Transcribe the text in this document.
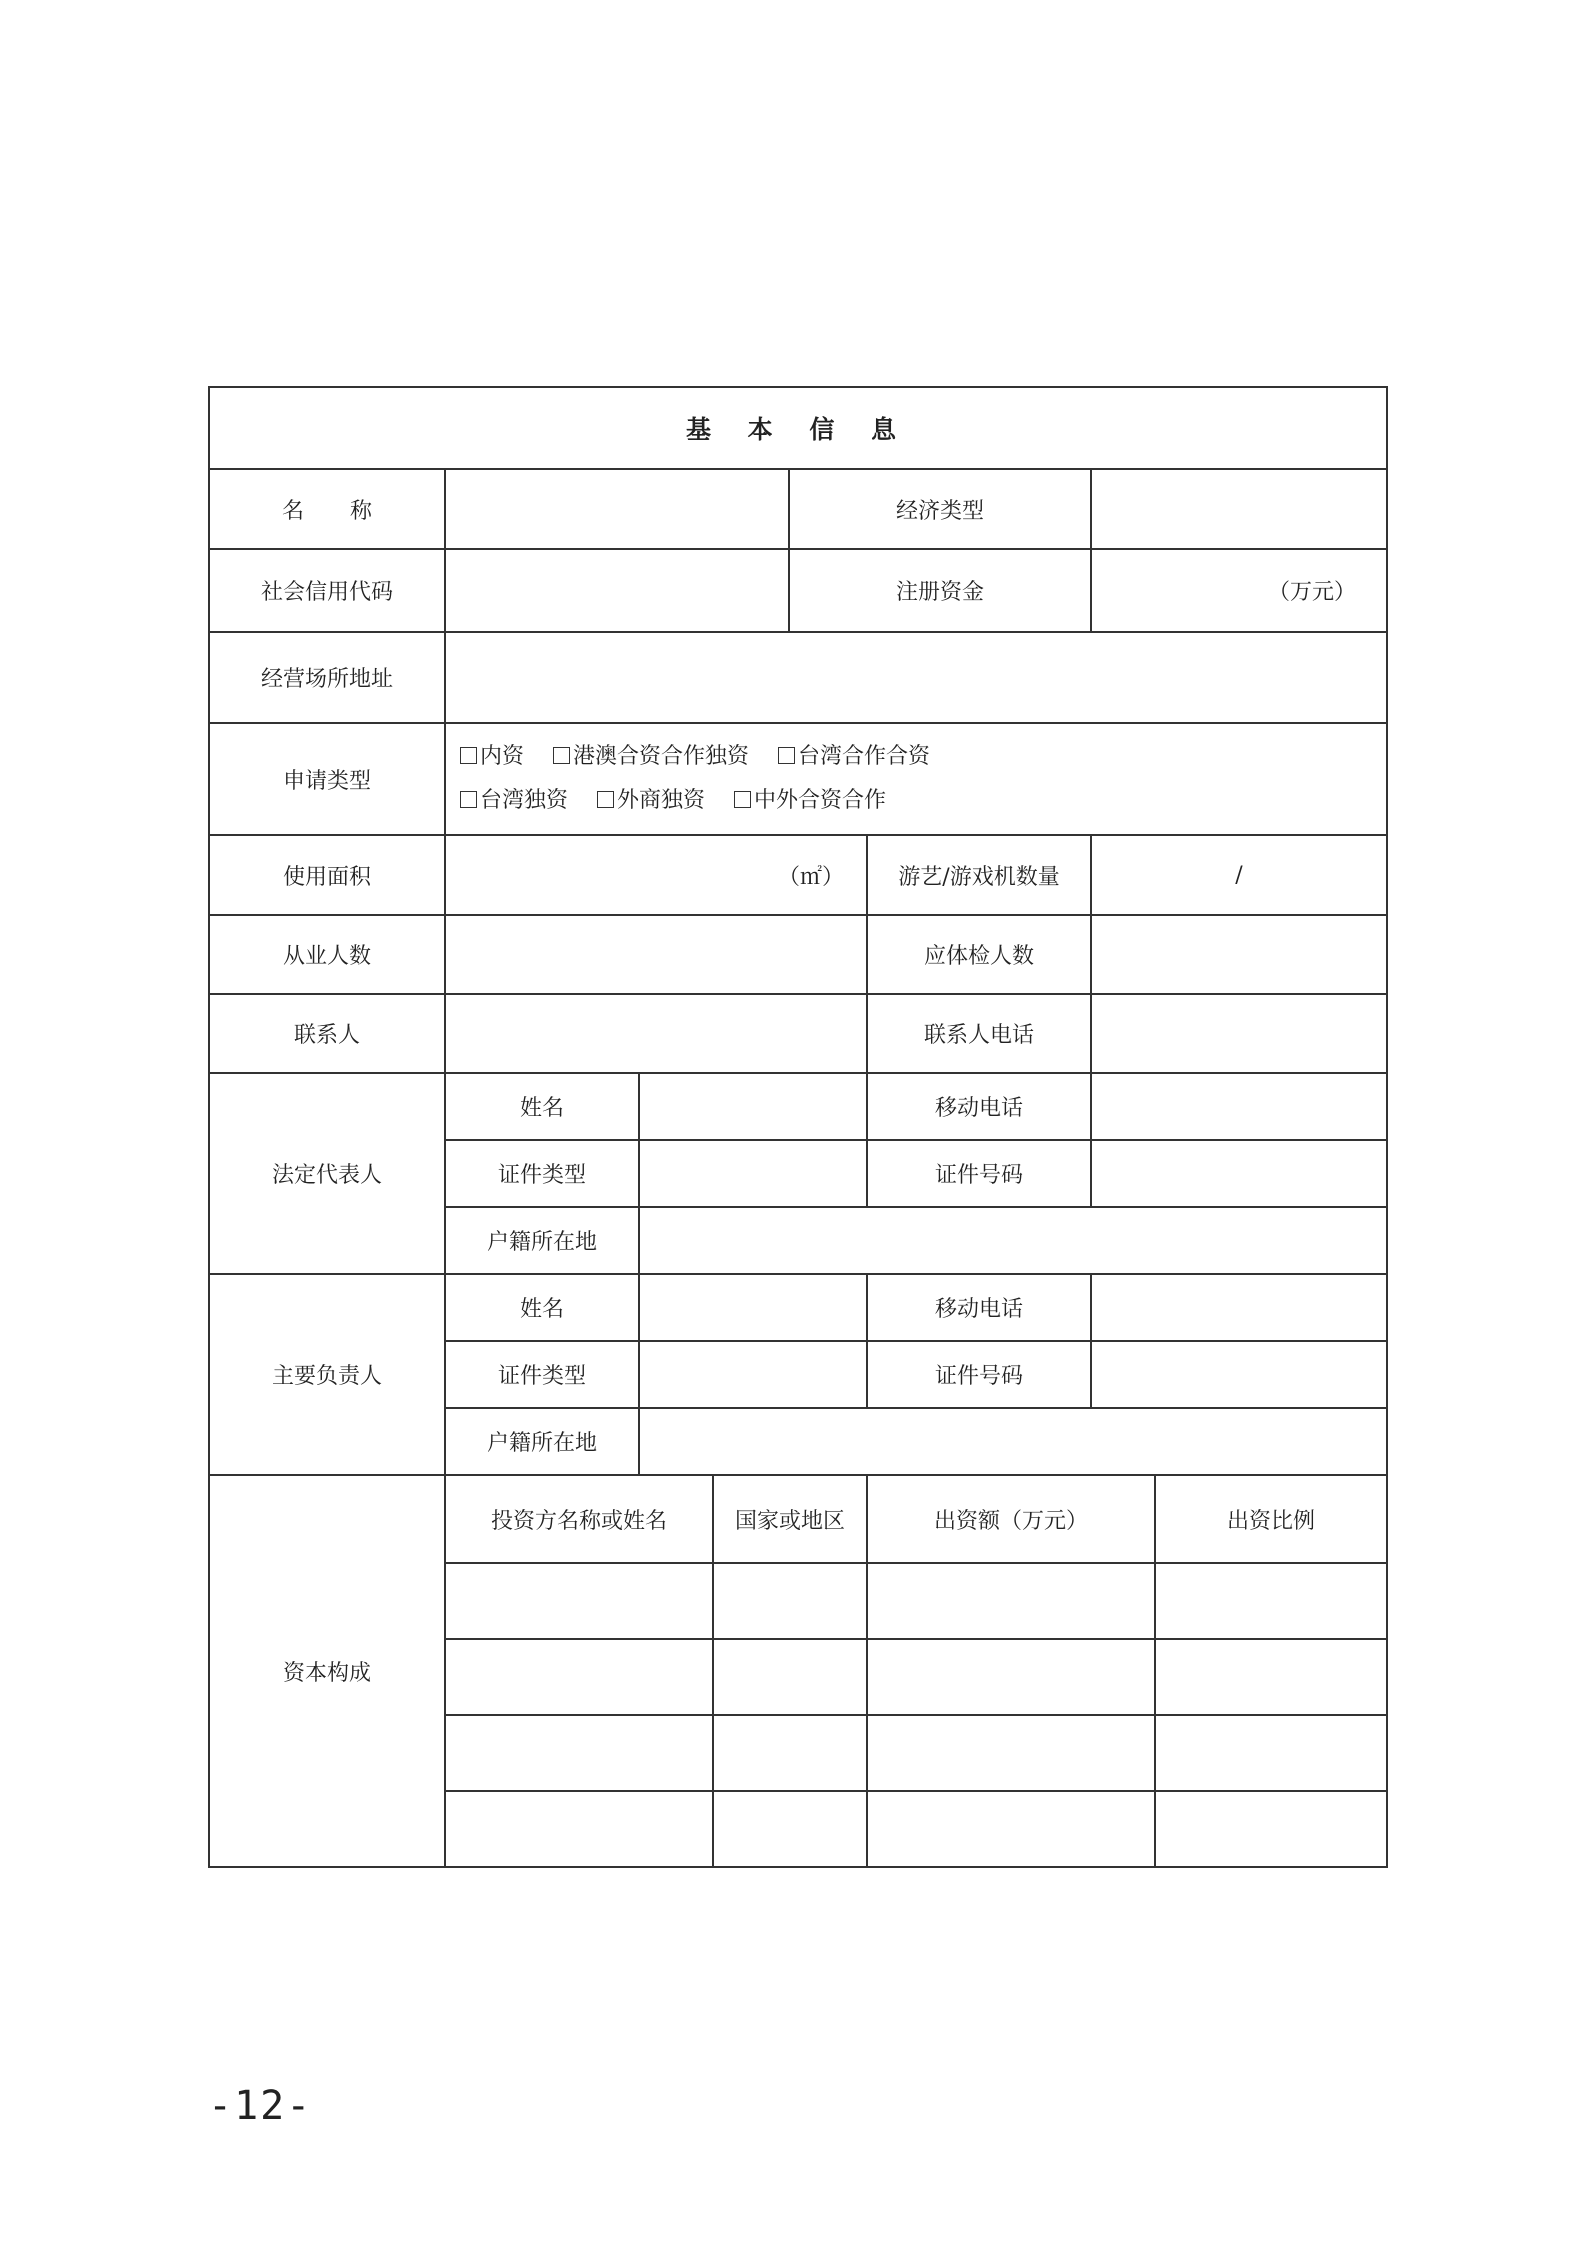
基 本 信 息							
名 称				经济类型			
社会信用代码				注册资金		（万元）	
经营场所地址							
申请类型	内资 港澳合资合作独资 台湾合作合资
台湾独资 外商独资 中外合资合作						

使用面积	（㎡）				游艺/游戏机数量	/	
从业人数					应体检人数		
联系人					联系人电话		
法定代表人	姓名				移动电话		
	证件类型				证件号码		
	户籍所在地						
主要负责人	姓名				移动电话		
	证件类型				证件号码		
	户籍所在地						
资本构成	投资方名称或姓名		国家或地区		出资额（万元）		出资比例

-12-
